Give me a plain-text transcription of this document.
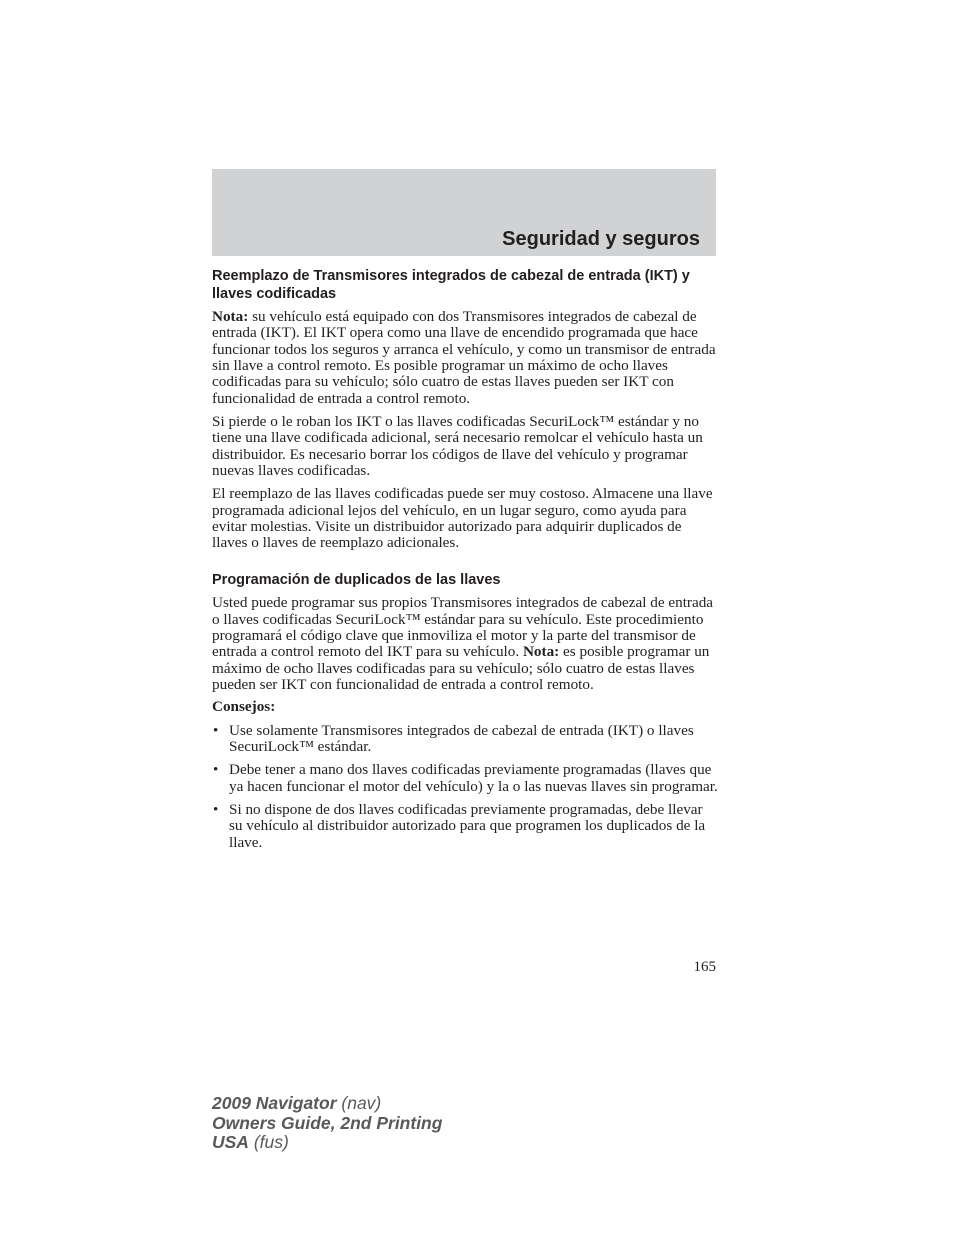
Seguridad y seguros
Reemplazo de Transmisores integrados de cabezal de entrada (IKT) y llaves codificadas

Nota: su vehículo está equipado con dos Transmisores integrados de cabezal de entrada (IKT). El IKT opera como una llave de encendido programada que hace funcionar todos los seguros y arranca el vehículo, y como un transmisor de entrada sin llave a control remoto. Es posible programar un máximo de ocho llaves codificadas para su vehículo; sólo cuatro de estas llaves pueden ser IKT con funcionalidad de entrada a control remoto.

Si pierde o le roban los IKT o las llaves codificadas SecuriLock™ estándar y no tiene una llave codificada adicional, será necesario remolcar el vehículo hasta un distribuidor. Es necesario borrar los códigos de llave del vehículo y programar nuevas llaves codificadas.

El reemplazo de las llaves codificadas puede ser muy costoso. Almacene una llave programada adicional lejos del vehículo, en un lugar seguro, como ayuda para evitar molestias. Visite un distribuidor autorizado para adquirir duplicados de llaves o llaves de reemplazo adicionales.

Programación de duplicados de las llaves

Usted puede programar sus propios Transmisores integrados de cabezal de entrada o llaves codificadas SecuriLock™ estándar para su vehículo. Este procedimiento programará el código clave que inmoviliza el motor y la parte del transmisor de entrada a control remoto del IKT para su vehículo. Nota: es posible programar un máximo de ocho llaves codificadas para su vehículo; sólo cuatro de estas llaves pueden ser IKT con funcionalidad de entrada a control remoto.

Consejos:

• Use solamente Transmisores integrados de cabezal de entrada (IKT) o llaves SecuriLock™ estándar.
• Debe tener a mano dos llaves codificadas previamente programadas (llaves que ya hacen funcionar el motor del vehículo) y la o las nuevas llaves sin programar.
• Si no dispone de dos llaves codificadas previamente programadas, debe llevar su vehículo al distribuidor autorizado para que programen los duplicados de la llave.
165
2009 Navigator (nav)
Owners Guide, 2nd Printing
USA (fus)
